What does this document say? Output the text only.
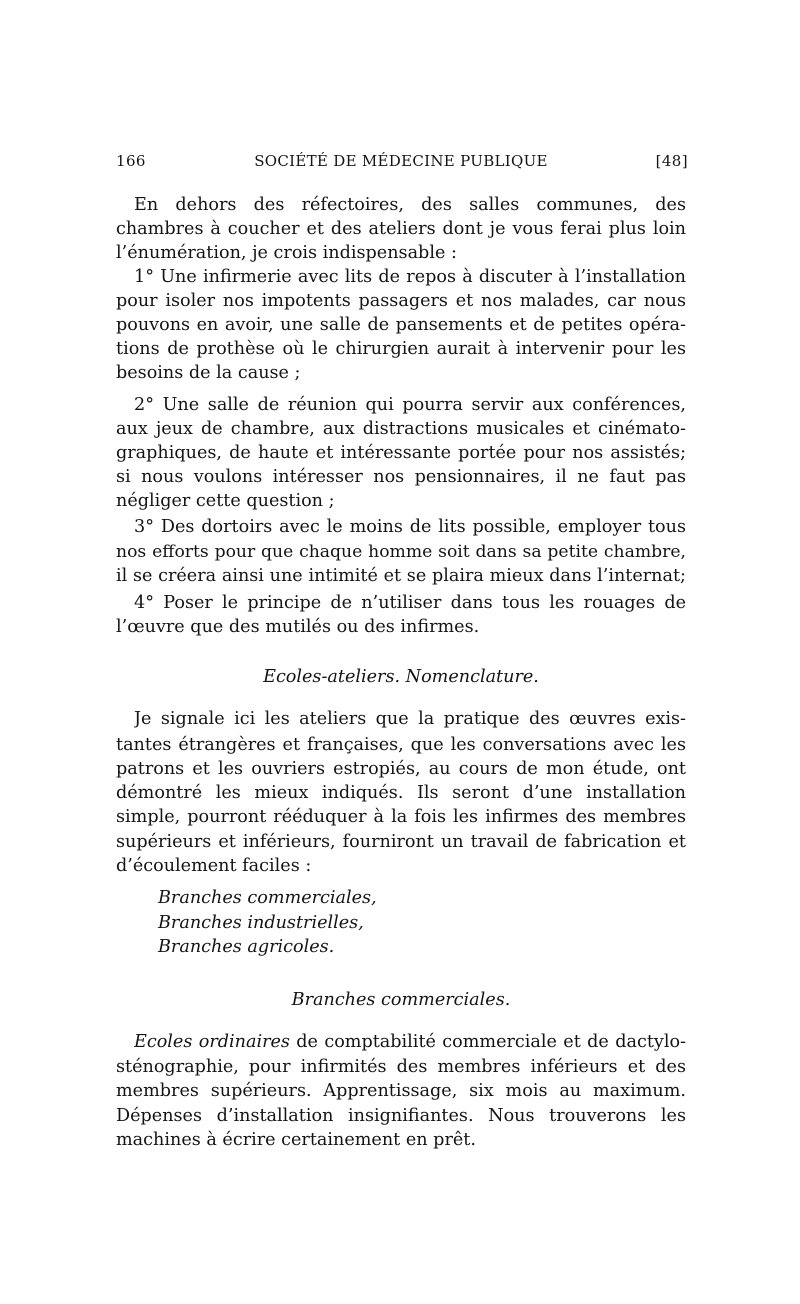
166	SOCIÉTÉ DE MÉDECINE PUBLIQUE	[48]
En dehors des réfectoires, des salles communes, des
chambres à coucher et des ateliers dont je vous ferai plus loin
l’énumération, je crois indispensable :
1° Une infirmerie avec lits de repos à discuter à l’installation
pour isoler nos impotents passagers et nos malades, car nous
pouvons en avoir, une salle de pansements et de petites opéra-
tions de prothèse où le chirurgien aurait à intervenir pour les
besoins de la cause ;
2° Une salle de réunion qui pourra servir aux conférences,
aux jeux de chambre, aux distractions musicales et cinémato-
graphiques, de haute et intéressante portée pour nos assistés;
si nous voulons intéresser nos pensionnaires, il ne faut pas
négliger cette question ;
3° Des dortoirs avec le moins de lits possible, employer tous
nos efforts pour que chaque homme soit dans sa petite chambre,
il se créera ainsi une intimité et se plaira mieux dans l’internat;
4° Poser le principe de n’utiliser dans tous les rouages de
l’œuvre que des mutilés ou des infirmes.
Ecoles-ateliers. Nomenclature.
Je signale ici les ateliers que la pratique des œuvres exis-
tantes étrangères et françaises, que les conversations avec les
patrons et les ouvriers estropiés, au cours de mon étude, ont
démontré les mieux indiqués. Ils seront d’une installation
simple, pourront rééduquer à la fois les infirmes des membres
supérieurs et inférieurs, fourniront un travail de fabrication et
d’écoulement faciles :
Branches commerciales,
Branches industrielles,
Branches agricoles.
Branches commerciales.
Ecoles ordinaires de comptabilité commerciale et de dactylo-
sténographie, pour infirmités des membres inférieurs et des
membres supérieurs. Apprentissage, six mois au maximum.
Dépenses d’installation insignifiantes. Nous trouverons les
machines à écrire certainement en prêt.
